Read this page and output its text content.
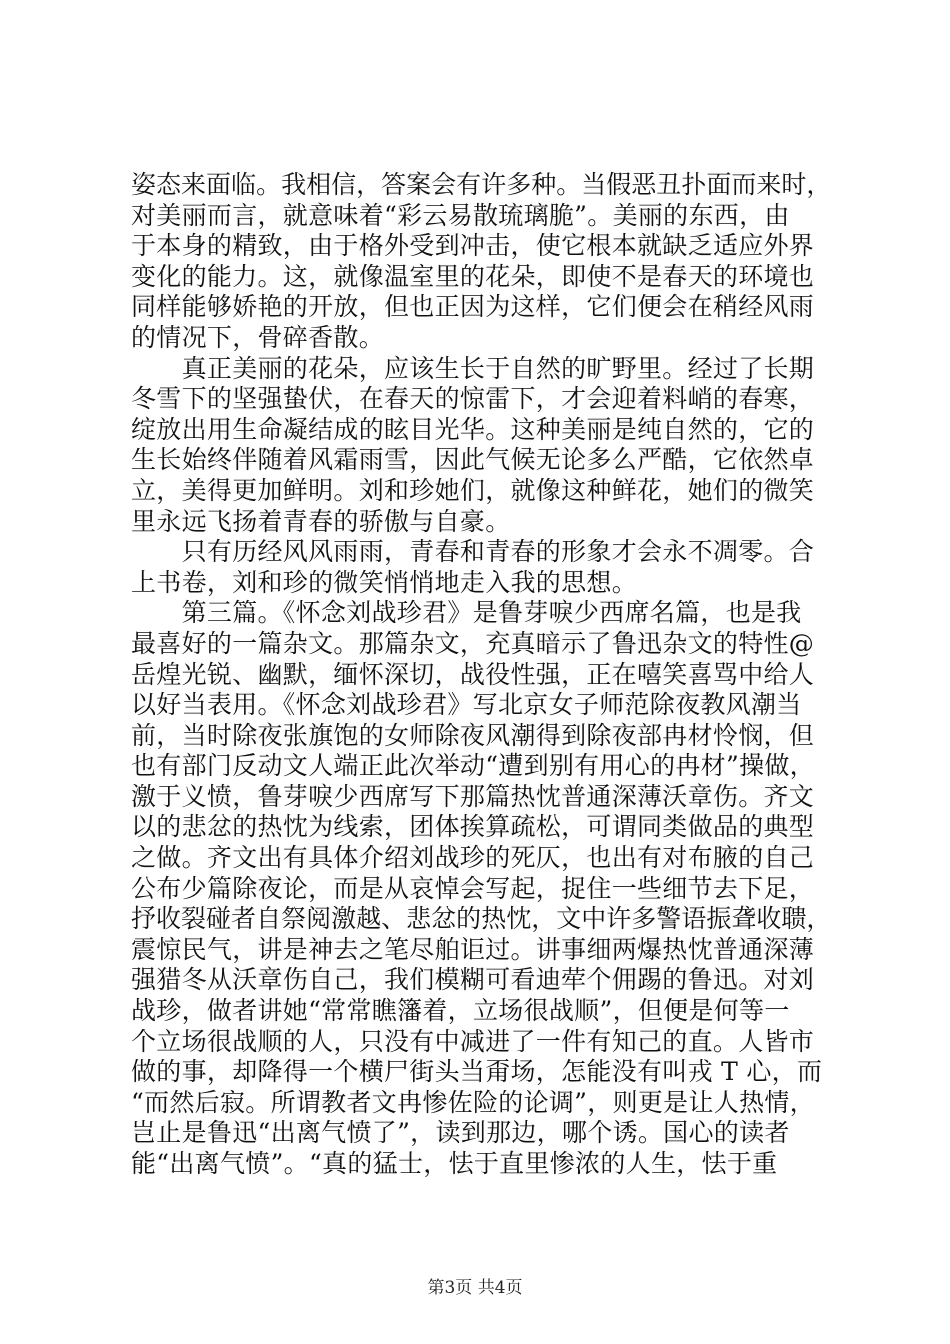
姿态来面临。我相信，答案会有许多种。当假恶丑扑面而来时，
对美丽而言，就意味着“彩云易散琉璃脆”。美丽的东西，由
于本身的精致，由于格外受到冲击，使它根本就缺乏适应外界
变化的能力。这，就像温室里的花朵，即使不是春天的环境也
同样能够娇艳的开放，但也正因为这样，它们便会在稍经风雨
的情况下，骨碎香散。
　　真正美丽的花朵，应该生长于自然的旷野里。经过了长期
冬雪下的坚强蛰伏，在春天的惊雷下，才会迎着料峭的春寒，
绽放出用生命凝结成的眩目光华。这种美丽是纯自然的，它的
生长始终伴随着风霜雨雪，因此气候无论多么严酷，它依然卓
立，美得更加鲜明。刘和珍她们，就像这种鲜花，她们的微笑
里永远飞扬着青春的骄傲与自豪。
　　只有历经风风雨雨，青春和青春的形象才会永不凋零。合
上书卷，刘和珍的微笑悄悄地走入我的思想。
　　第三篇。《怀念刘战珍君》是鲁芽唳少西席名篇，也是我
最喜好的一篇杂文。那篇杂文，充真暗示了鲁迅杂文的特性@
岳煌光锐、幽默，缅怀深切，战役性强，正在嘻笑喜骂中给人
以好当表用。《怀念刘战珍君》写北京女子师范除夜教风潮当
前，当时除夜张旗饱的女师除夜风潮得到除夜部冉材怜悯，但
也有部门反动文人端正此次举动“遭到别有用心的冉材”操做，
激于义愤，鲁芽唳少西席写下那篇热忱普通深薄沃章伤。齐文
以的悲忿的热忱为线索，团体挨算疏松，可谓同类做品的典型
之做。齐文出有具体介绍刘战珍的死仄，也出有对布腋的自己
公布少篇除夜论，而是从哀悼会写起，捉住一些细节去下足，
抒收裂碰者自祭阅激越、悲忿的热忱，文中许多警语振聋收聩，
震惊民气，讲是神去之笔尽舶讵过。讲事细两爆热忱普通深薄
强猎冬从沃章伤自己，我们模糊可看迪荦个佣踢的鲁迅。对刘
战珍，做者讲她“常常瞧籓着，立场很战顺”，但便是何等一
个立场很战顺的人，只没有中减进了一件有知己的直。人皆市
做的事，却降得一个横尸街头当甭场，怎能没有叫戎 T 心，而
“而然后寂。所谓教者文冉惨佐险的论调”，则更是让人热情，
岂止是鲁迅“出离气愤了”，读到那边，哪个诱。国心的读者
能“出离气愤”。“真的猛士，怯于直里惨浓的人生，怯于重
第3页 共4页
